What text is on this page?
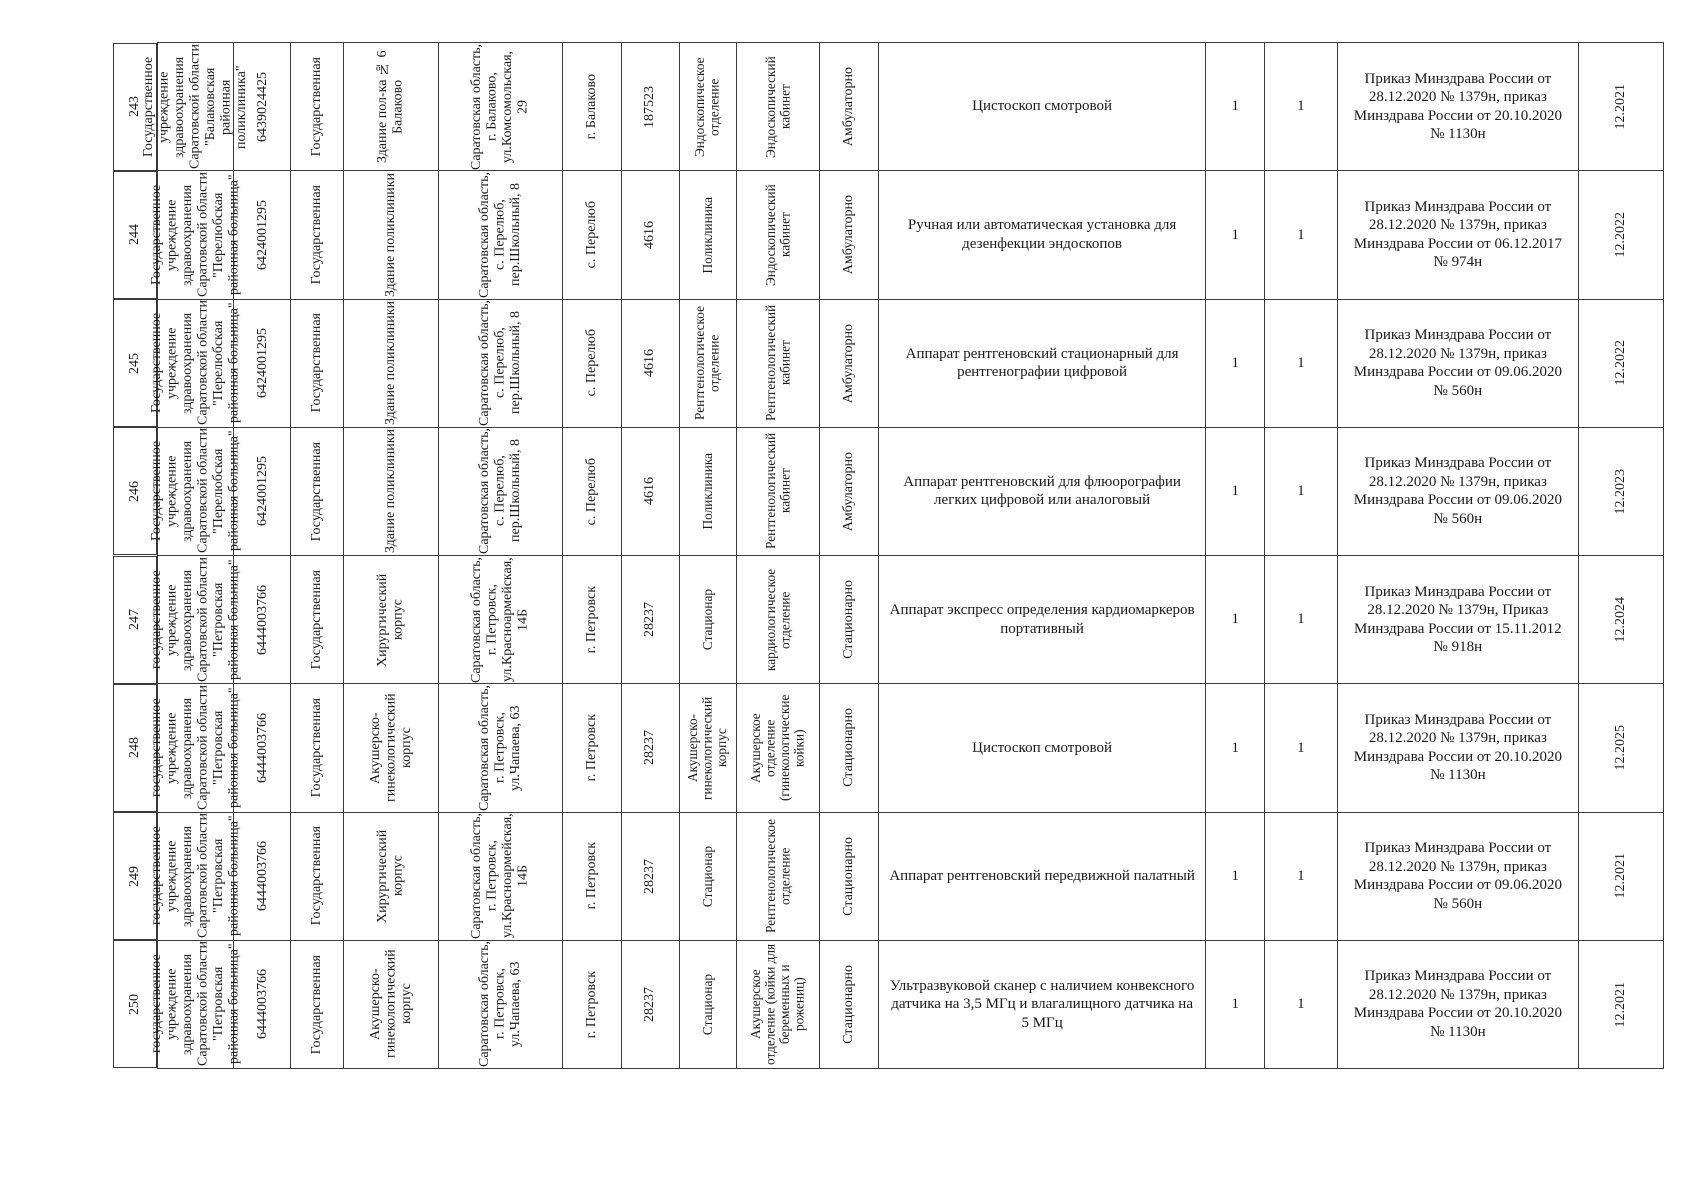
243 Государственное учреждение здравоохранения Саратовской области "Балаковская районная поликлиника"	6439024425	Государственная	Здание пол-ка № 6 Балаково	Саратовская область, г. Балаково, ул.Комсомольская, 29	г. Балаково	187523	Эндоскопическое отделение	Эндоскопический кабинет	Амбулаторно	Цистоскоп смотровой	1	1	Приказ Минздрава России от 28.12.2020 № 1379н, приказ Минздрава России от 20.10.2020 № 1130н	12.2021

244 Государственное учреждение здравоохранения Саратовской области "Перелюбская районная больница"	6424001295	Государственная	Здание поликлиники	Саратовская область, с. Перелюб, пер.Школьный, 8	с. Перелюб	4616	Поликлиника	Эндоскопический кабинет	Амбулаторно	Ручная или автоматическая установка для дезенфекции эндоскопов	1	1	Приказ Минздрава России от 28.12.2020 № 1379н, приказ Минздрава России от 06.12.2017 № 974н	12.2022

245 Государственное учреждение здравоохранения Саратовской области "Перелюбская районная больница"	6424001295	Государственная	Здание поликлиники	Саратовская область, с. Перелюб, пер.Школьный, 8	с. Перелюб	4616	Рентгенологическое отделение	Рентгенологический кабинет	Амбулаторно	Аппарат рентгеновский стационарный для рентгенографии цифровой	1	1	Приказ Минздрава России от 28.12.2020 № 1379н, приказ Минздрава России от 09.06.2020 № 560н	12.2022

246 Государственное учреждение здравоохранения Саратовской области "Перелюбская районная больница"	6424001295	Государственная	Здание поликлиники	Саратовская область, с. Перелюб, пер.Школьный, 8	с. Перелюб	4616	Поликлиника	Рентгенологический кабинет	Амбулаторно	Аппарат рентгеновский для флюорографии легких цифровой или аналоговый	1	1	Приказ Минздрава России от 28.12.2020 № 1379н, приказ Минздрава России от 09.06.2020 № 560н	12.2023

247 государственное учреждение здравоохранения Саратовской области "Петровская районная больница"	6444003766	Государственная	Хирургический корпус	Саратовская область, г. Петровск, ул.Красноармейская, 14Б	г. Петровск	28237	Стационар	кардиологическое отделение	Стационарно	Аппарат экспресс определения кардиомаркеров портативный	1	1	Приказ Минздрава России от 28.12.2020 № 1379н, Приказ Минздрава России от 15.11.2012 № 918н	12.2024

248 государственное учреждение здравоохранения Саратовской области "Петровская районная больница"	6444003766	Государственная	Акушерско-гинекологический корпус	Саратовская область, г. Петровск, ул.Чапаева, 63	г. Петровск	28237	Акушерско-гинекологический корпус	Акушерское отделение (гинекологические койки)	Стационарно	Цистоскоп смотровой	1	1	Приказ Минздрава России от 28.12.2020 № 1379н, приказ Минздрава России от 20.10.2020 № 1130н	12.2025

249 государственное учреждение здравоохранения Саратовской области "Петровская районная больница"	6444003766	Государственная	Хирургический корпус	Саратовская область, г. Петровск, ул.Красноармейская, 14Б	г. Петровск	28237	Стационар	Рентгенологическое отделение	Стационарно	Аппарат рентгеновский передвижной палатный	1	1	Приказ Минздрава России от 28.12.2020 № 1379н, приказ Минздрава России от 09.06.2020 № 560н	12.2021

250 государственное учреждение здравоохранения Саратовской области "Петровская районная больница"	6444003766	Государственная	Акушерско-гинекологический корпус	Саратовская область, г. Петровск, ул.Чапаева, 63	г. Петровск	28237	Стационар	Акушерское отделение (койки для беременных и рожениц)	Стационарно	Ультразвуковой сканер с наличием конвексного датчика на 3,5 МГц и влагалищного датчика на 5 МГц	1	1	Приказ Минздрава России от 28.12.2020 № 1379н, приказ Минздрава России от 20.10.2020 № 1130н	12.2021
